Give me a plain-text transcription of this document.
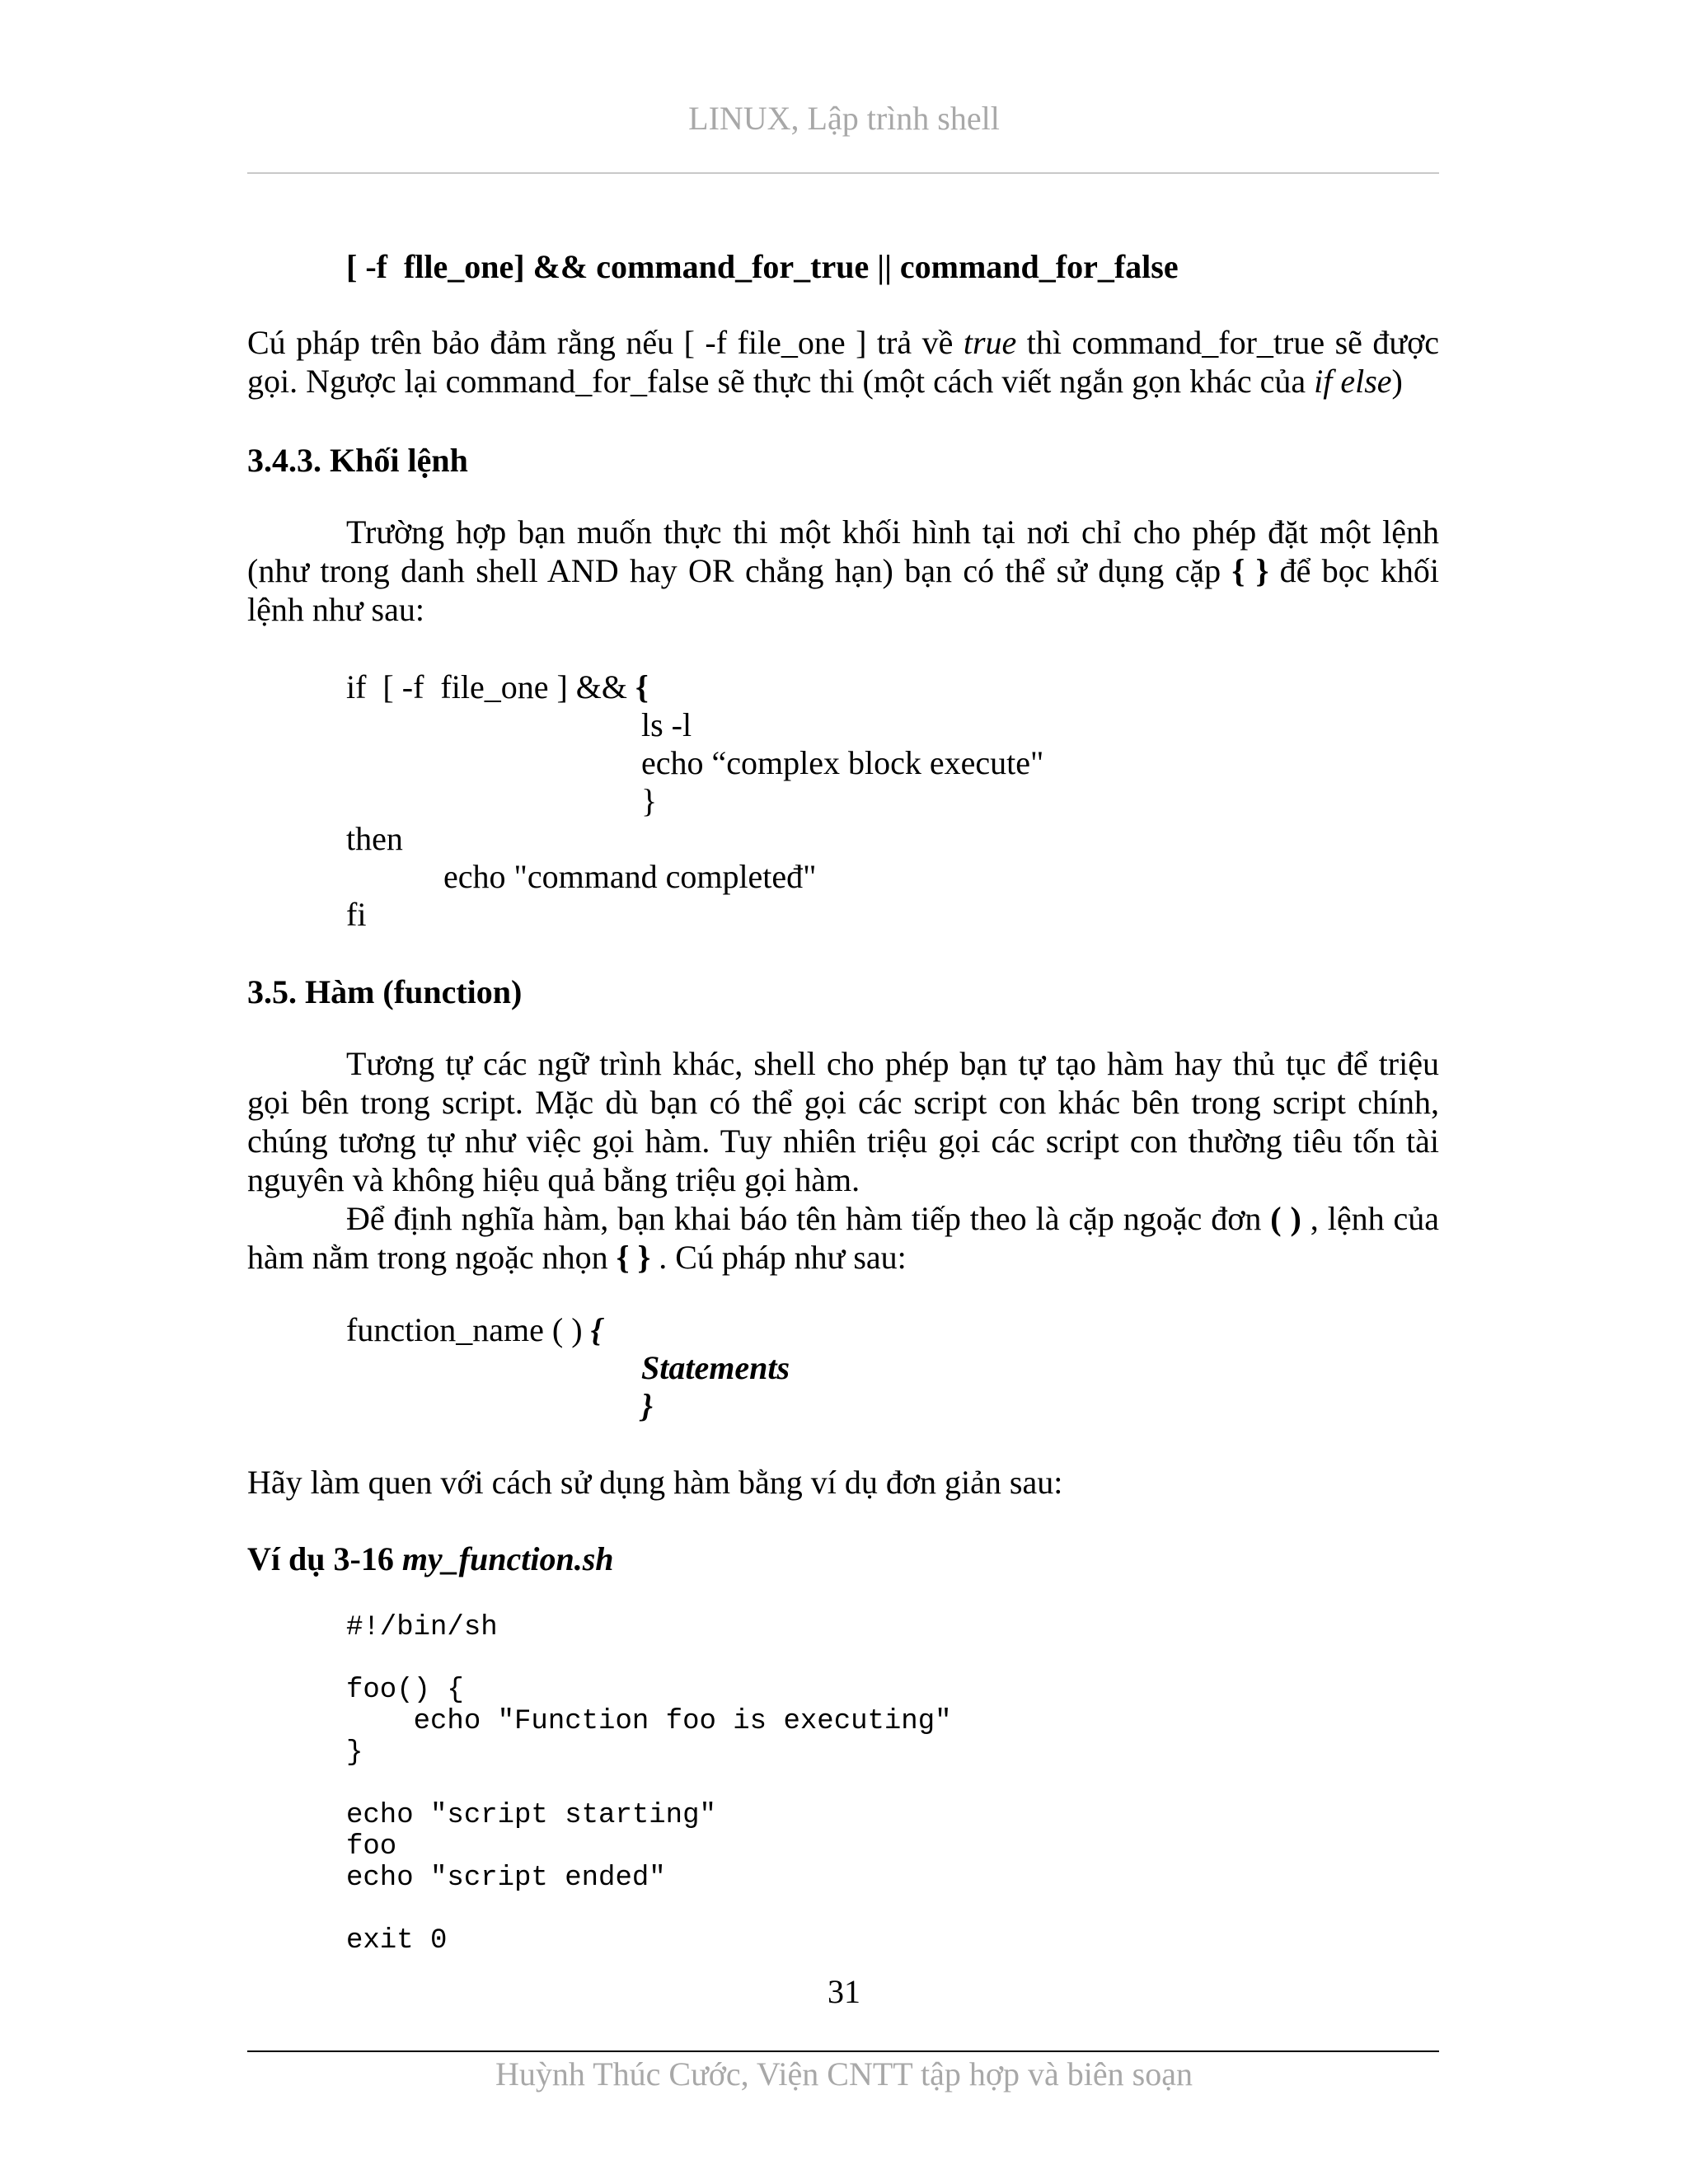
LINUX, Lập trình shell
[ -f  flle_one] && command_for_true || command_for_false
Cú pháp trên bảo đảm rằng nếu [ -f file_one ] trả về true thì command_for_true sẽ được
gọi. Ngược lại command_for_false sẽ thực thi (một cách viết ngắn gọn khác của if else)
3.4.3. Khối lệnh
Trường hợp bạn muốn thực thi một khối hình tại nơi chỉ cho phép đặt một lệnh
(như trong danh shell AND hay OR chẳng hạn) bạn có thể sử dụng cặp { } để bọc khối
lệnh như sau:
if  [ -f  file_one ] && {
ls -l
echo “complex block execute"
}
then
echo "command completeđ"
fi
3.5. Hàm (function)
Tương tự các ngữ trình khác, shell cho phép bạn tự tạo hàm hay thủ tục để triệu
gọi bên trong script. Mặc dù bạn có thể gọi các script con khác bên trong script chính,
chúng tương tự như việc gọi hàm. Tuy nhiên triệu gọi các script con thường tiêu tốn tài
nguyên và không hiệu quả bằng triệu gọi hàm.
Để định nghĩa hàm, bạn khai báo tên hàm tiếp theo là cặp ngoặc đơn ( ) , lệnh của
hàm nằm trong ngoặc nhọn { } . Cú pháp như sau:
function_name ( ) {
Statements
}
Hãy làm quen với cách sử dụng hàm bằng ví dụ đơn giản sau:
Ví dụ 3-16 my_function.sh
#!/bin/sh
foo() {
echo "Function foo is executing"
}
echo "script starting"
foo
echo "script ended"
exit 0
31
Huỳnh Thúc Cước, Viện CNTT tập hợp và biên soạn
